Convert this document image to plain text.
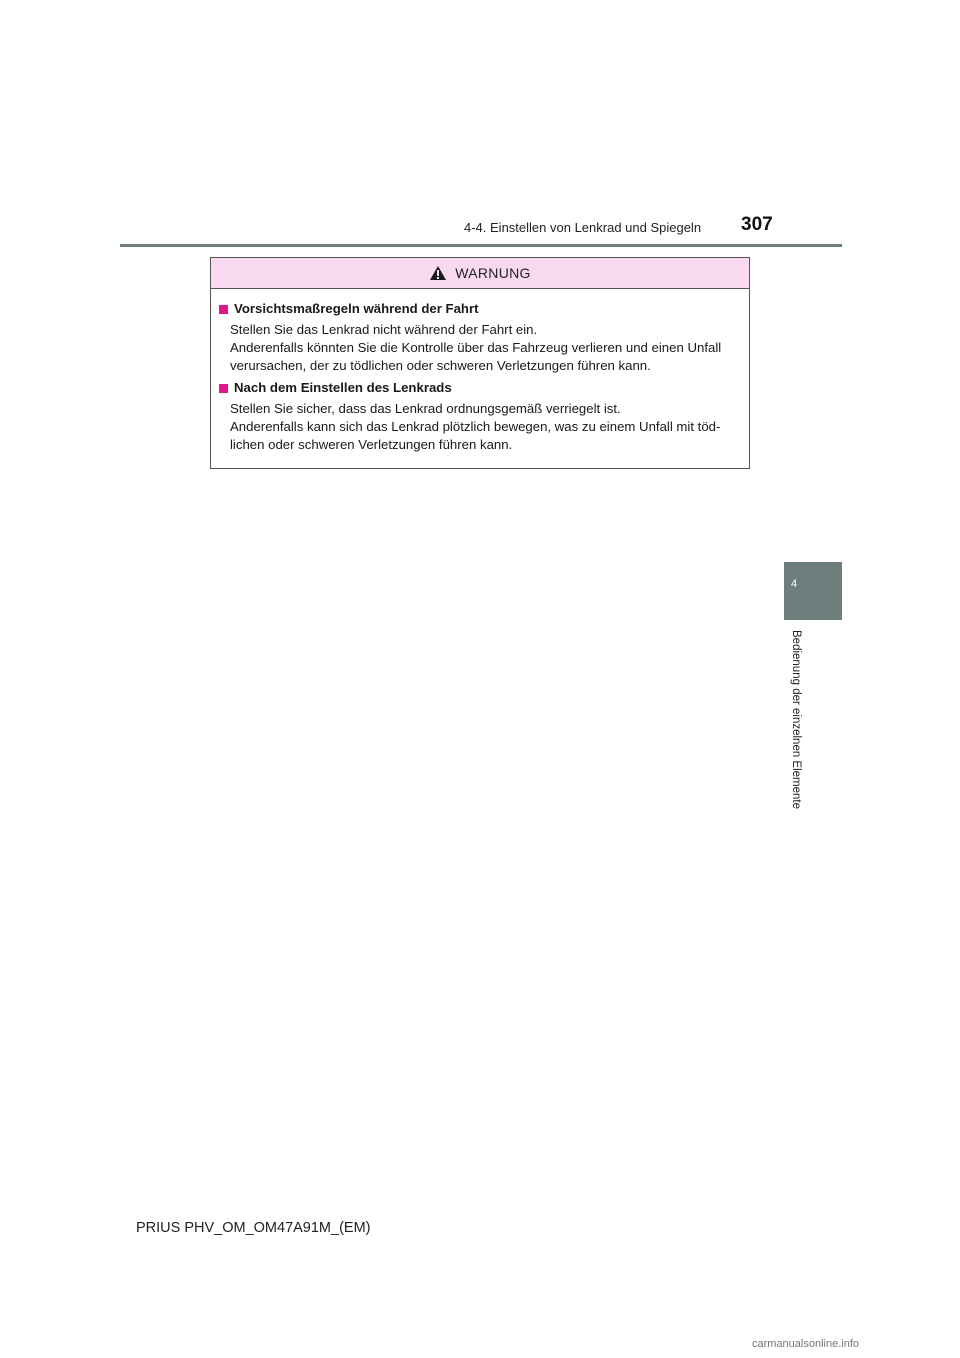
4-4. Einstellen von Lenkrad und Spiegeln 307
WARNUNG
Vorsichtsmaßregeln während der Fahrt

Stellen Sie das Lenkrad nicht während der Fahrt ein.

Anderenfalls könnten Sie die Kontrolle über das Fahrzeug verlieren und einen Unfall

verursachen, der zu tödlichen oder schweren Verletzungen führen kann.

Nach dem Einstellen des Lenkrads

Stellen Sie sicher, dass das Lenkrad ordnungsgemäß verriegelt ist.

Anderenfalls kann sich das Lenkrad plötzlich bewegen, was zu einem Unfall mit töd-

lichen oder schweren Verletzungen führen kann.

4
Bedienung der einzelnen Elemente
PRIUS PHV_OM_OM47A91M_(EM)
carmanualsonline.info
